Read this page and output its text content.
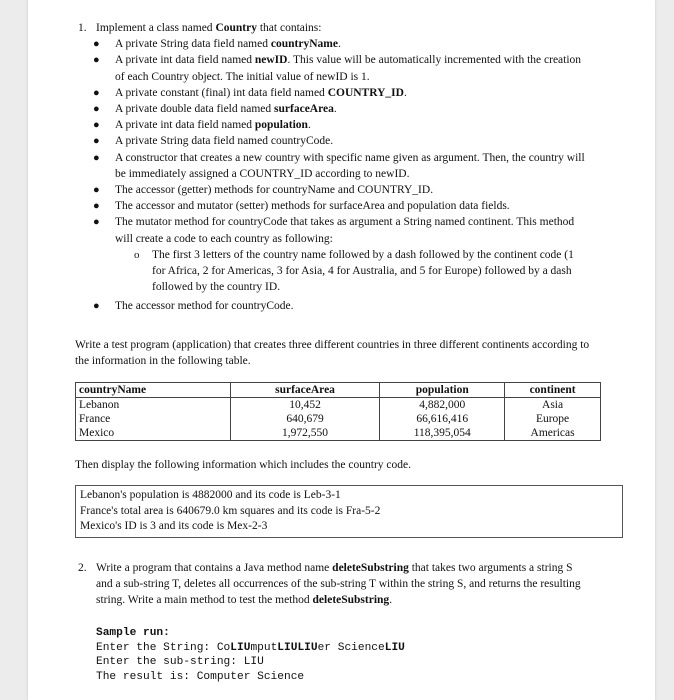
1. Implement a class named Country that contains:
● A private String data field named countryName.
● A private int data field named newID. This value will be automatically incremented with the creation of each Country object. The initial value of newID is 1.
● A private constant (final) int data field named COUNTRY_ID.
● A private double data field named surfaceArea.
● A private int data field named population.
● A private String data field named countryCode.
● A constructor that creates a new country with specific name given as argument. Then, the country will be immediately assigned a COUNTRY_ID according to newID.
● The accessor (getter) methods for countryName and COUNTRY_ID.
● The accessor and mutator (setter) methods for surfaceArea and population data fields.
● The mutator method for countryCode that takes as argument a String named continent. This method will create a code to each country as following:
o The first 3 letters of the country name followed by a dash followed by the continent code (1 for Africa, 2 for Americas, 3 for Asia, 4 for Australia, and 5 for Europe) followed by a dash followed by the country ID.
● The accessor method for countryCode.
Write a test program (application) that creates three different countries in three different continents according to the information in the following table.
countryName	surfaceArea	population	continent
Lebanon	10,452	4,882,000	Asia
France	640,679	66,616,416	Europe
Mexico	1,972,550	118,395,054	Americas
Then display the following information which includes the country code.
Lebanon's population is 4882000 and its code is Leb-3-1
France's total area is 640679.0 km squares and its code is Fra-5-2
Mexico's ID is 3 and its code is Mex-2-3
2. Write a program that contains a Java method name deleteSubstring that takes two arguments a string S and a sub-string T, deletes all occurrences of the sub-string T within the string S, and returns the resulting string. Write a main method to test the method deleteSubstring.
Sample run:
Enter the String: CoLIUmputLIULIUer ScienceLIU
Enter the sub-string: LIU
The result is: Computer Science
